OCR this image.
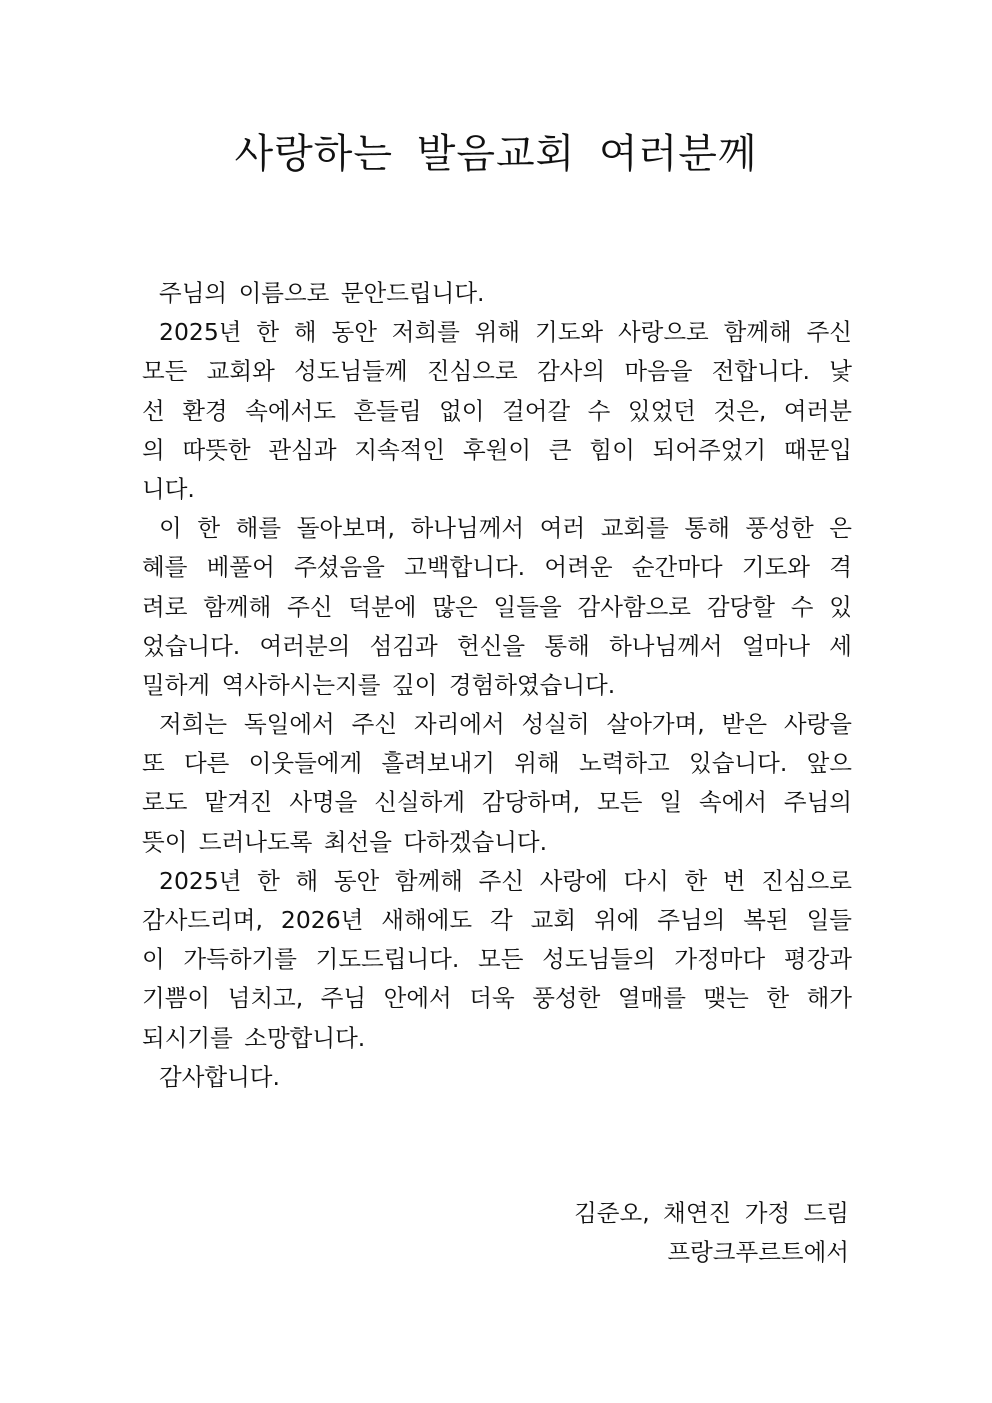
사랑하는 발음교회 여러분께
주님의 이름으로 문안드립니다.
2025년 한 해 동안 저희를 위해 기도와 사랑으로 함께해 주신
모든 교회와 성도님들께 진심으로 감사의 마음을 전합니다. 낯
선 환경 속에서도 흔들림 없이 걸어갈 수 있었던 것은, 여러분
의 따뜻한 관심과 지속적인 후원이 큰 힘이 되어주었기 때문입
니다.
이 한 해를 돌아보며, 하나님께서 여러 교회를 통해 풍성한 은
혜를 베풀어 주셨음을 고백합니다. 어려운 순간마다 기도와 격
려로 함께해 주신 덕분에 많은 일들을 감사함으로 감당할 수 있
었습니다. 여러분의 섬김과 헌신을 통해 하나님께서 얼마나 세
밀하게 역사하시는지를 깊이 경험하였습니다.
저희는 독일에서 주신 자리에서 성실히 살아가며, 받은 사랑을
또 다른 이웃들에게 흘려보내기 위해 노력하고 있습니다. 앞으
로도 맡겨진 사명을 신실하게 감당하며, 모든 일 속에서 주님의
뜻이 드러나도록 최선을 다하겠습니다.
2025년 한 해 동안 함께해 주신 사랑에 다시 한 번 진심으로
감사드리며, 2026년 새해에도 각 교회 위에 주님의 복된 일들
이 가득하기를 기도드립니다. 모든 성도님들의 가정마다 평강과
기쁨이 넘치고, 주님 안에서 더욱 풍성한 열매를 맺는 한 해가
되시기를 소망합니다.
감사합니다.
김준오, 채연진 가정 드림
프랑크푸르트에서
